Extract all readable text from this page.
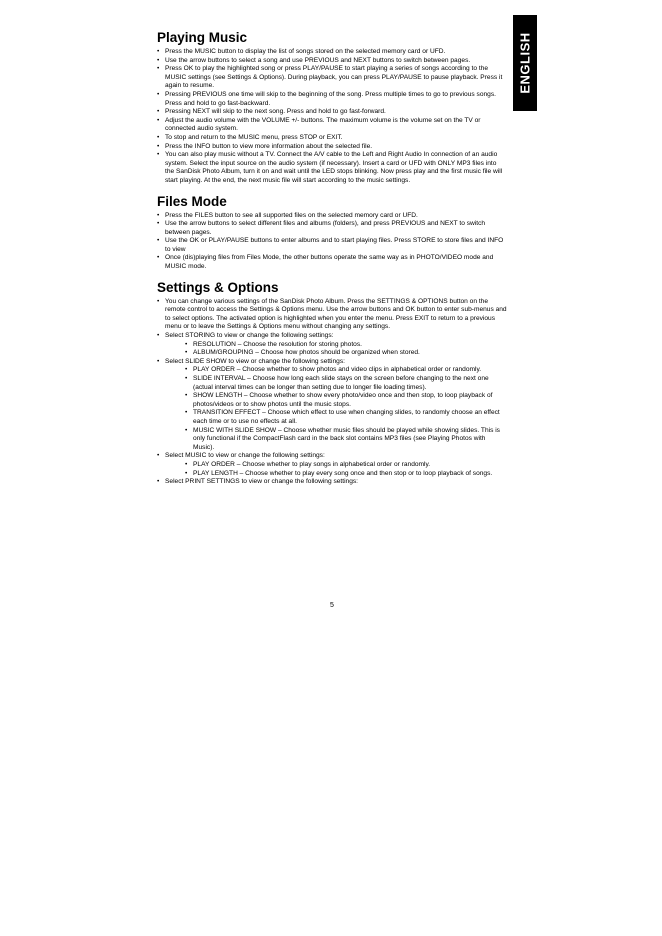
ENGLISH
Playing Music
• Press the MUSIC button to display the list of songs stored on the selected memory card or UFD.
• Use the arrow buttons to select a song and use PREVIOUS and NEXT buttons to switch between pages.
• Press OK to play the highlighted song or press PLAY/PAUSE to start playing a series of songs according to the MUSIC settings (see Settings & Options). During playback, you can press PLAY/PAUSE to pause playback. Press it again to resume.
• Pressing PREVIOUS one time will skip to the beginning of the song. Press multiple times to go to previous songs. Press and hold to go fast-backward.
• Pressing NEXT will skip to the next song. Press and hold to go fast-forward.
• Adjust the audio volume with the VOLUME +/- buttons. The maximum volume is the volume set on the TV or connected audio system.
• To stop and return to the MUSIC menu, press STOP or EXIT.
• Press the INFO button to view more information about the selected file.
• You can also play music without a TV. Connect the A/V cable to the Left and Right Audio In connection of an audio system. Select the input source on the audio system (if necessary). Insert a card or UFD with ONLY MP3 files into the SanDisk Photo Album, turn it on and wait until the LED stops blinking. Now press play and the first music file will start playing. At the end, the next music file will start according to the music settings.
Files Mode
• Press the FILES button to see all supported files on the selected memory card or UFD.
• Use the arrow buttons to select different files and albums (folders), and press PREVIOUS and NEXT to switch between pages.
• Use the OK or PLAY/PAUSE buttons to enter albums and to start playing files. Press STORE to store files and INFO to view
• Once (dis)playing files from Files Mode, the other buttons operate the same way as in PHOTO/VIDEO mode and MUSIC mode.
Settings & Options
• You can change various settings of the SanDisk Photo Album. Press the SETTINGS & OPTIONS button on the remote control to access the Settings & Options menu. Use the arrow buttons and OK button to enter sub-menus and to select options. The activated option is highlighted when you enter the menu. Press EXIT to return to a previous menu or to leave the Settings & Options menu without changing any settings.
• Select STORING to view or change the following settings:
• RESOLUTION – Choose the resolution for storing photos.
• ALBUM/GROUPING – Choose how photos should be organized when stored.
• Select SLIDE SHOW to view or change the following settings:
• PLAY ORDER – Choose whether to show photos and video clips in alphabetical order or randomly.
• SLIDE INTERVAL – Choose how long each slide stays on the screen before changing to the next one (actual interval times can be longer than setting due to longer file loading times).
• SHOW LENGTH – Choose whether to show every photo/video once and then stop, to loop playback of photos/videos or to show photos until the music stops.
• TRANSITION EFFECT – Choose which effect to use when changing slides, to randomly choose an effect each time or to use no effects at all.
• MUSIC WITH SLIDE SHOW – Choose whether music files should be played while showing slides. This is only functional if the CompactFlash card in the back slot contains MP3 files (see Playing Photos with Music).
• Select MUSIC to view or change the following settings:
• PLAY ORDER – Choose whether to play songs in alphabetical order or randomly.
• PLAY LENGTH – Choose whether to play every song once and then stop or to loop playback of songs.
• Select PRINT SETTINGS to view or change the following settings:
5
